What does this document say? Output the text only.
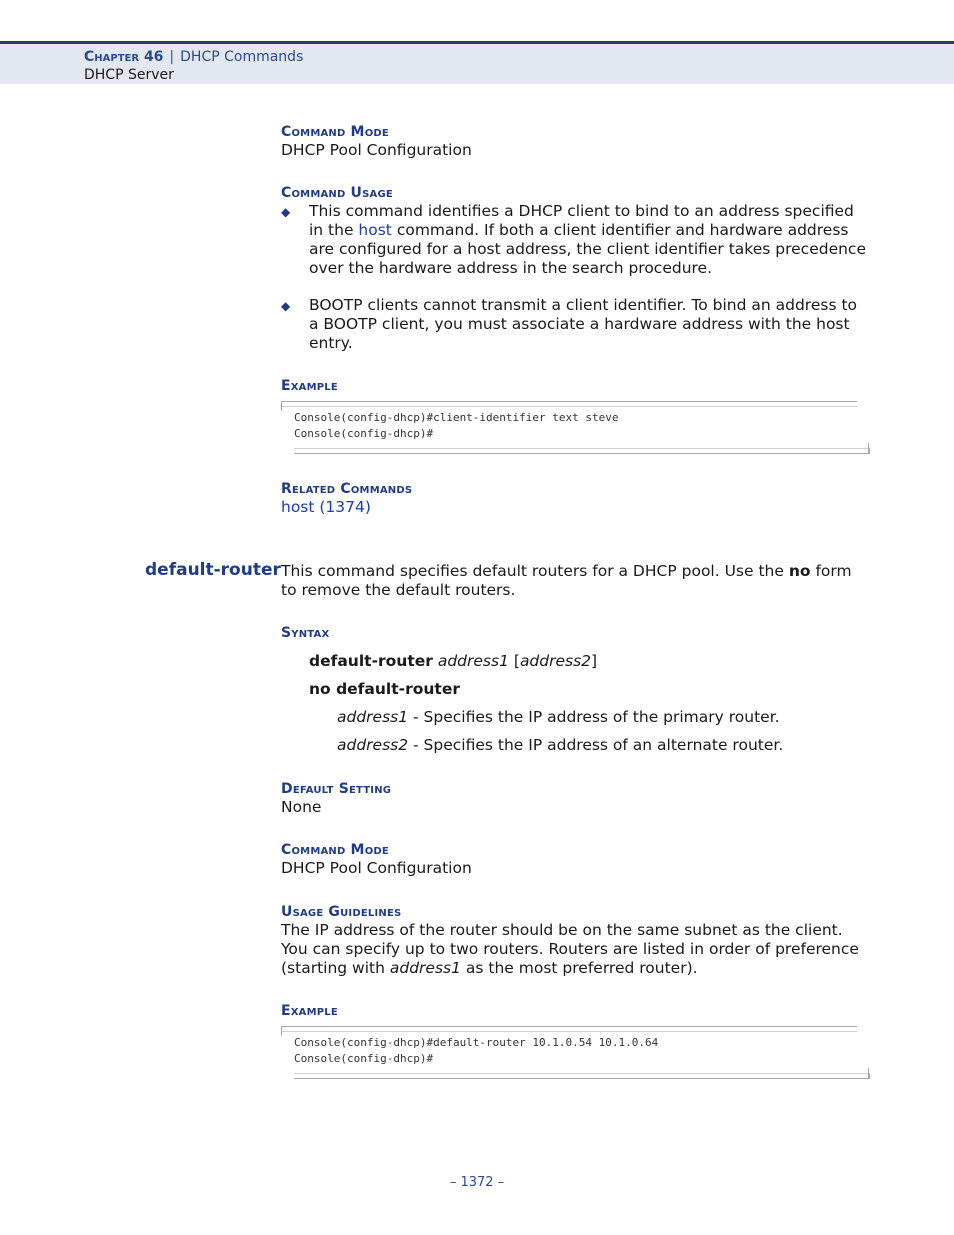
Chapter 46 | DHCP Commands
DHCP Server
Command Mode
DHCP Pool Configuration
Command Usage
◆ This command identifies a DHCP client to bind to an address specified in the host command. If both a client identifier and hardware address are configured for a host address, the client identifier takes precedence over the hardware address in the search procedure.
◆ BOOTP clients cannot transmit a client identifier. To bind an address to a BOOTP client, you must associate a hardware address with the host entry.
Example
Console(config-dhcp)#client-identifier text steve
Console(config-dhcp)#
Related Commands
host (1374)
default-router This command specifies default routers for a DHCP pool. Use the no form to remove the default routers.
Syntax
default-router address1 [address2]
no default-router
address1 - Specifies the IP address of the primary router.
address2 - Specifies the IP address of an alternate router.
Default Setting
None
Command Mode
DHCP Pool Configuration
Usage Guidelines
The IP address of the router should be on the same subnet as the client. You can specify up to two routers. Routers are listed in order of preference (starting with address1 as the most preferred router).
Example
Console(config-dhcp)#default-router 10.1.0.54 10.1.0.64
Console(config-dhcp)#
– 1372 –
